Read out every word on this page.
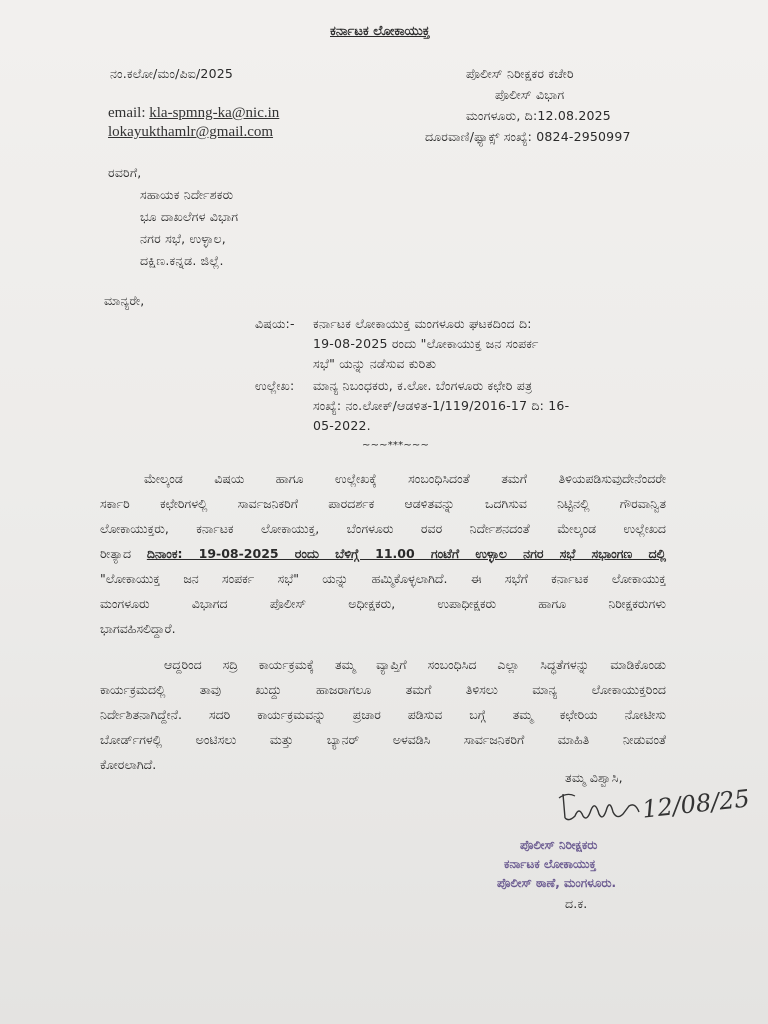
ಕರ್ನಾಟಕ ಲೋಕಾಯುಕ್ತ
ನಂ.ಕಲೋ/ಮಂ/ಪಿಐ/2025
email: kla-spmng-ka@nic.in
lokayukthamlr@gmail.com
ಪೊಲೀಸ್ ನಿರೀಕ್ಷಕರ ಕಚೇರಿ
ಪೊಲೀಸ್ ವಿಭಾಗ
ಮಂಗಳೂರು, ದಿ:12.08.2025
ದೂರವಾಣಿ/ಫ್ಯಾಕ್ಸ್ ಸಂಖ್ಯೆ: 0824-2950997
ರವರಿಗೆ,
ಸಹಾಯಕ ನಿರ್ದೇಶಕರು
ಭೂ ದಾಖಲೆಗಳ ವಿಭಾಗ
ನಗರ ಸಭೆ, ಉಳ್ಳಾಲ,
ದಕ್ಷಿಣ.ಕನ್ನಡ. ಜಿಲ್ಲೆ.
ಮಾನ್ಯರೇ,
ವಿಷಯ:- ಕರ್ನಾಟಕ ಲೋಕಾಯುಕ್ತ ಮಂಗಳೂರು ಘಟಕದಿಂದ ದಿ:
19-08-2025 ರಂದು "ಲೋಕಾಯುಕ್ತ ಜನ ಸಂಪರ್ಕ
ಸಭೆ" ಯನ್ನು ನಡೆಸುವ ಕುರಿತು
ಉಲ್ಲೇಖ: ಮಾನ್ಯ ನಿಬಂಧಕರು, ಕ.ಲೋ. ಬೆಂಗಳೂರು ಕಛೇರಿ ಪತ್ರ
ಸಂಖ್ಯೆ: ನಂ.ಲೋಕ್/ಆಡಳಿತ-1/119/2016-17 ದಿ: 16-
05-2022.
~~~***~~~
ಮೇಲ್ಕಂಡ ವಿಷಯ ಹಾಗೂ ಉಲ್ಲೇಖಕ್ಕೆ ಸಂಬಂಧಿಸಿದಂತೆ ತಮಗೆ ತಿಳಿಯಪಡಿಸುವುದೇನೆಂದರೇ
ಸರ್ಕಾರಿ ಕಛೇರಿಗಳಲ್ಲಿ ಸಾರ್ವಜನಿಕರಿಗೆ ಪಾರದರ್ಶಕ ಆಡಳಿತವನ್ನು ಒದಗಿಸುವ ನಿಟ್ಟಿನಲ್ಲಿ ಗೌರವಾನ್ವಿತ
ಲೋಕಾಯುಕ್ತರು, ಕರ್ನಾಟಕ ಲೋಕಾಯುಕ್ತ, ಬೆಂಗಳೂರು ರವರ ನಿರ್ದೇಶನದಂತೆ ಮೇಲ್ಕಂಡ ಉಲ್ಲೇಖದ
ರೀತ್ಯಾದ ದಿನಾಂಕ: 19-08-2025 ರಂದು ಬೆಳಿಗ್ಗೆ 11.00 ಗಂಟೆಗೆ ಉಳ್ಳಾಲ ನಗರ ಸಭೆ ಸಭಾಂಗಣ ದಲ್ಲಿ
"ಲೋಕಾಯುಕ್ತ ಜನ ಸಂಪರ್ಕ ಸಭೆ" ಯನ್ನು ಹಮ್ಮಿಕೊಳ್ಳಲಾಗಿದೆ. ಈ ಸಭೆಗೆ ಕರ್ನಾಟಕ ಲೋಕಾಯುಕ್ತ
ಮಂಗಳೂರು ವಿಭಾಗದ ಪೊಲೀಸ್ ಅಧೀಕ್ಷಕರು, ಉಪಾಧೀಕ್ಷಕರು ಹಾಗೂ ನಿರೀಕ್ಷಕರುಗಳು
ಭಾಗವಹಿಸಲಿದ್ದಾರೆ.
ಆದ್ದರಿಂದ ಸದ್ರಿ ಕಾರ್ಯಕ್ರಮಕ್ಕೆ ತಮ್ಮ ವ್ಯಾಪ್ತಿಗೆ ಸಂಬಂಧಿಸಿದ ಎಲ್ಲಾ ಸಿದ್ಧತೆಗಳನ್ನು ಮಾಡಿಕೊಂಡು
ಕಾರ್ಯಕ್ರಮದಲ್ಲಿ ತಾವು ಖುದ್ದು ಹಾಜರಾಗಲೂ ತಮಗೆ ತಿಳಿಸಲು ಮಾನ್ಯ ಲೋಕಾಯುಕ್ತರಿಂದ
ನಿರ್ದೇಶಿತನಾಗಿದ್ದೇನೆ. ಸದರಿ ಕಾರ್ಯಕ್ರಮವನ್ನು ಪ್ರಚಾರ ಪಡಿಸುವ ಬಗ್ಗೆ ತಮ್ಮ ಕಛೇರಿಯ ನೋಟೀಸು
ಬೋರ್ಡ್‌ಗಳಲ್ಲಿ ಅಂಟಿಸಲು ಮತ್ತು ಬ್ಯಾನರ್ ಅಳವಡಿಸಿ ಸಾರ್ವಜನಿಕರಿಗೆ ಮಾಹಿತಿ ನೀಡುವಂತೆ
ಕೋರಲಾಗಿದೆ.
ತಮ್ಮ ವಿಶ್ವಾಸಿ,
12/08/25
ಪೊಲೀಸ್ ನಿರೀಕ್ಷಕರು
ಕರ್ನಾಟಕ ಲೋಕಾಯುಕ್ತ
ಪೊಲೀಸ್ ಠಾಣೆ, ಮಂಗಳೂರು.
ದ.ಕ.
